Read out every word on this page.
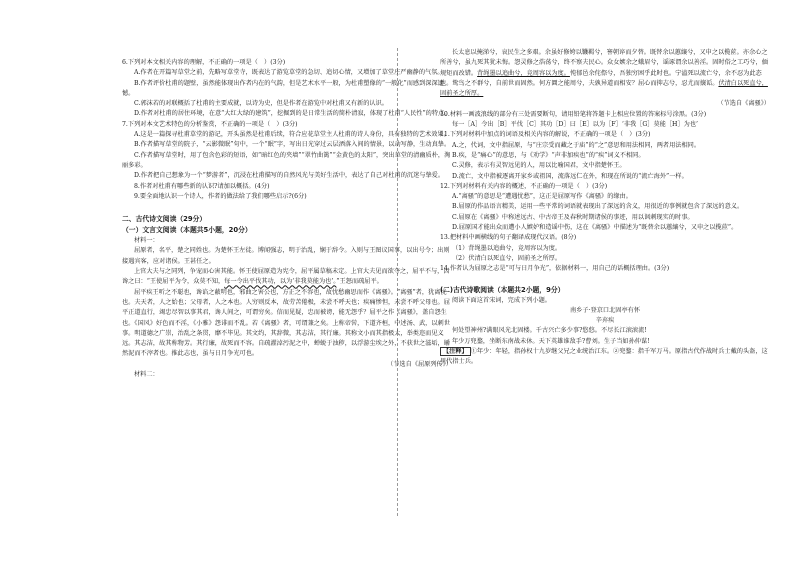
6.下列对本文相关内容的理解，不正确的一项是（　）(3分)

A.作者在开篇写草堂之前，先略写草堂寺，既表达了游览草堂的急切、追切心情，又增加了草堂庄严幽静的气氛。

B.作者评价杜甫的题壁，虽然能体现出作者内在的气韵，但是艺术水平一般，为杜甫塑像的“一般化”而感到深深遗憾。

C.郭沫若的对联概括了杜甫的主要成就，以诗为史，但是作者在游览中对杜甫又有新的认识。

D.作者对杜甫的居住环境，在意“大红大绿的建筑”，挖掘到的是日常生活的简朴清寂，体现了杜甫“人民性”的特点。

7.下列对本文艺术特色的分析鉴赏，不正确的一项是（　）(3分)

A.这是一篇探寻杜甫草堂的游记，开头虽然是杜甫后续，符合应花草堂主人杜甫的诗人身份，具有独特的艺术效果。

B.作者描写草堂的院子，“云影微眠”句中，一个“眠”字，写出日光穿过云层洒落入间的情景，以动写静，生动真挚。

C.作者描写草堂时，用了包含色彩的短语，如“暗红色的夹墙”“翠竹曲篱”“金黄色的太阳”，突出草堂的清幽质朴，淘丽多彩。

D.作者把自己想象为一个“梦游者”，沉浸在杜甫描写的自然风光与美好生活中，表达了自己对杜甫的沉迷与挚爱。

8.作者对杜甫有哪些新的认识?请加以概括。(4分)

9.要全面地认识一个诗人，作者的做法给了我们哪些启示?(6分)

二、古代诗文阅读（29分）

（一）文言文阅读（本题共5小题，20分）

材料一：

屈原者，名平，楚之同姓也。为楚怀王左徒。博闻强志，明于治乱，娴于辞令。入则与王图议国事，以出号令；出则接遇宾客，应对诸侯。王甚任之。

上官大夫与之同列，争宠而心害其能。怀王使屈原造为宪令，屈平属草稿未定。上官大夫见而欲夺之，屈平不与，因谗之曰：“王使屈平为令，众莫不知，每一令出平伐其功，以为‘非我莫能为也’。”王怒而疏屈平。

屈平疾王听之不聪也，谗谄之蔽明也，邪曲之害公也，方正之不容也，故忧愁幽思而作《离骚》。“离骚”者，犹离忧也。夫天者，人之始也；父母者，人之本也。人穷则反本，故劳苦倦极，未尝不呼天也；疾痛惨怛，未尝不呼父母也。屈平正道直行，竭忠尽智以事其君，谗人间之，可谓穷矣。信而见疑，忠而被谤，能无怨乎？屈平之作《离骚》，盖自怨生也。《国风》好色而不淫，《小雅》怨诽而不乱。若《离骚》者，可谓兼之矣。上称帝喾，下道齐桓，中述汤、武，以刺世事。明道德之广崇，治乱之条贯，靡不毕见。其文约，其辞微，其志洁，其行廉。其称文小而其指极大，举类迩而见义远。其志洁，故其称物芳。其行廉，故死而不容。自疏濯淖污泥之中，蝉蜕于浊秽，以浮游尘埃之外，不获世之滋垢，皭然泥而不滓者也。推此志也，虽与日月争光可也。

（节选自《屈原列传》）

材料二：

长太息以掩涕兮，哀民生之多艰。余虽好修姱以鞿羁兮，謇朝谇而夕替。既替余以蕙纕兮，又申之以揽茝。亦余心之所善兮，虽九死其犹未悔。怨灵修之浩荡兮，终不察夫民心。众女嫉余之蛾眉兮，谣诼谓余以善淫。固时俗之工巧兮，偭规矩而改错。背绳墨以追曲兮，竞周容以为度。忳郁邑余侘傺兮，吾独穷困乎此时也。宁溘死以流亡兮，余不忍为此态也。鸷鸟之不群兮，自前世而固然。何方圜之能周兮，夫孰异道而相安？屈心而抑志兮，忍尤而攘诟。伏清白以死直兮，固前圣之所厚。

（节选自《离骚》）

10.材料一画波浪线的部分有三处需要断句，请用铅笔将答题卡上相应位置的答案标号涂黑。(3分)

每一［A］令出［B］平伐［C］其功［D］曰［E］以为［F］‘非我［G］莫能［H］为也’

11.下列对材料中加点的词语及相关内容的解说，不正确的一项是（　）(3分)

A.之，代词，文中指屈原，与“庄宗受而藏之于庙”的“之”意思和用法相同，两者用法相同。

B.疾，是“痛心”的意思，与《劝学》“声非加疾也”的“疾”词义不相同。

C.灵修，表示有灵智远见的人，用以比喻国君，文中指楚怀王。

D.流亡，文中指被逐离开家乡或祖国，流落远仁在外，和现在所说的“流亡海外”一样。

12.下列对材料有关内容的概述，不正确的一项是（　）(3分)

A.“离骚”的意思是“遭遇忧愁”，这正是屈原写作《离骚》的缘由。

B.屈原的作品语言精美，运用一些平常的词语就表现出了深远的含义，用很近的事例就包含了深远的意义。

C.屈原在《离骚》中称述远古、中古帝王及春秋时期诸侯的事迹，用以讽刺现实的时事。

D.屈原国才能出众而遭小人嫉妒和造谣中伤，这在《离骚》中描述为“既替余以蕙纕兮，又申之以揽茝”。

13.把材料中画横线的句子翻译成现代汉语。(8分)

（1）背绳墨以追曲兮，竞周容以为度。

（2）伏清白以死直兮，固前圣之所厚。

14.作者认为屈原之志是“可与日月争光”，依据材料一，用自己的话概括理由。(3分)

(二)古代诗歌阅读（本题共2小题，9分）

阅读下面这首宋词，完成下列小题。

南乡子·登京口北固亭有怀

辛弃疾

何处望神州?满眼风光北固楼。千古兴亡多少事?悠悠。不尽长江滚滚流!

年少万兜鍪，坐断东南战未休。天下英雄谁敌手?曹刘。生子当如孙仲谋!

【注释】 ①年少：年轻，指孙权十九岁继父兄之业统治江东。②兜鍪：指千军万马。原指古代作战时兵士戴的头盔，这里代指士兵。
